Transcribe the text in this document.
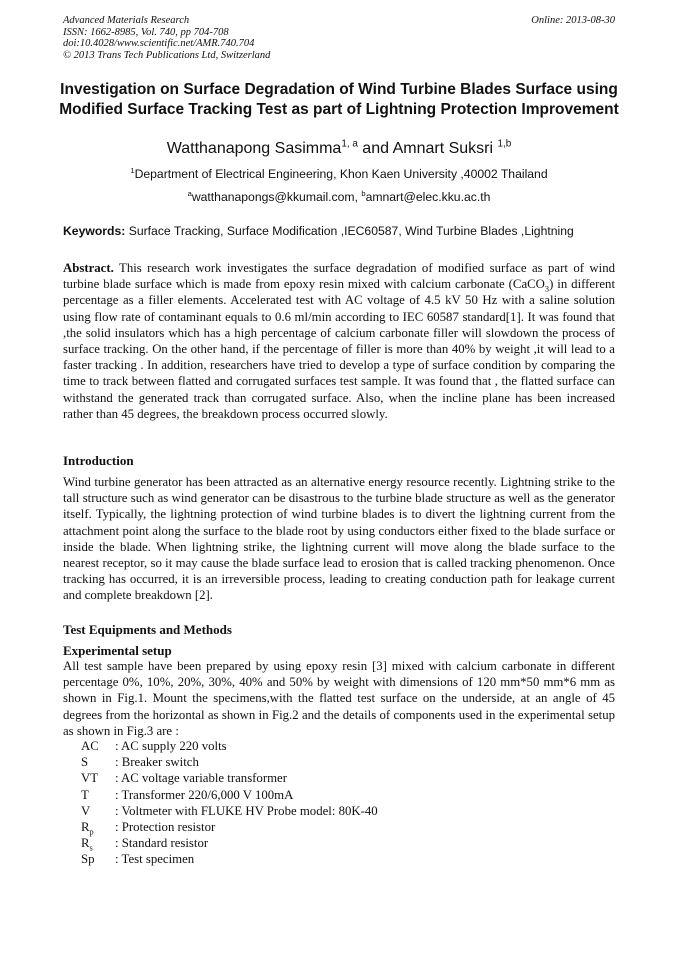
Advanced Materials Research
ISSN: 1662-8985, Vol. 740, pp 704-708
doi:10.4028/www.scientific.net/AMR.740.704
© 2013 Trans Tech Publications Ltd, Switzerland
Online: 2013-08-30
Investigation on Surface Degradation of Wind Turbine Blades Surface using Modified Surface Tracking Test as part of Lightning Protection Improvement
Watthanapong Sasimma$^{1, a}$ and Amnart Suksri $^{1,b}$
$^1$Department of Electrical Engineering, Khon Kaen University ,40002 Thailand
$^a$watthanapongs@kkumail.com, $^b$amnart@elec.kku.ac.th
Keywords: Surface Tracking, Surface Modification ,IEC60587, Wind Turbine Blades ,Lightning
Abstract. This research work investigates the surface degradation of modified surface as part of wind turbine blade surface which is made from epoxy resin mixed with calcium carbonate (CaCO$_3$) in different percentage as a filler elements. Accelerated test with AC voltage of 4.5 kV 50 Hz with a saline solution using flow rate of contaminant equals to 0.6 ml/min according to IEC 60587 standard[1]. It was found that ,the solid insulators which has a high percentage of calcium carbonate filler will slowdown the process of surface tracking. On the other hand, if the percentage of filler is more than 40% by weight ,it will lead to a faster tracking . In addition, researchers have tried to develop a type of surface condition by comparing the time to track between flatted and corrugated surfaces test sample. It was found that , the flatted surface can withstand the generated track than corrugated surface. Also, when the incline plane has been increased rather than 45 degrees, the breakdown process occurred slowly.
Introduction
Wind turbine generator has been attracted as an alternative energy resource recently. Lightning strike to the tall structure such as wind generator can be disastrous to the turbine blade structure as well as the generator itself. Typically, the lightning protection of wind turbine blades is to divert the lightning current from the attachment point along the surface to the blade root by using conductors either fixed to the blade surface or inside the blade. When lightning strike, the lightning current will move along the blade surface to the nearest receptor, so it may cause the blade surface lead to erosion that is called tracking phenomenon. Once tracking has occurred, it is an irreversible process, leading to creating conduction path for leakage current and complete breakdown [2].
Test Equipments and Methods
Experimental setup
All test sample have been prepared by using epoxy resin [3] mixed with calcium carbonate in different percentage 0%, 10%, 20%, 30%, 40% and 50% by weight with dimensions of 120 mm*50 mm*6 mm as shown in Fig.1. Mount the specimens,with the flatted test surface on the underside, at an angle of 45 degrees from the horizontal as shown in Fig.2 and the details of components used in the experimental setup as shown in Fig.3 are :
AC	: AC supply 220 volts
S	: Breaker switch
VT	: AC voltage variable transformer
T	: Transformer 220/6,000 V 100mA
V	: Voltmeter with FLUKE HV Probe model: 80K-40
$R_p$	: Protection resistor
$R_s$	: Standard resistor
Sp	: Test specimen
